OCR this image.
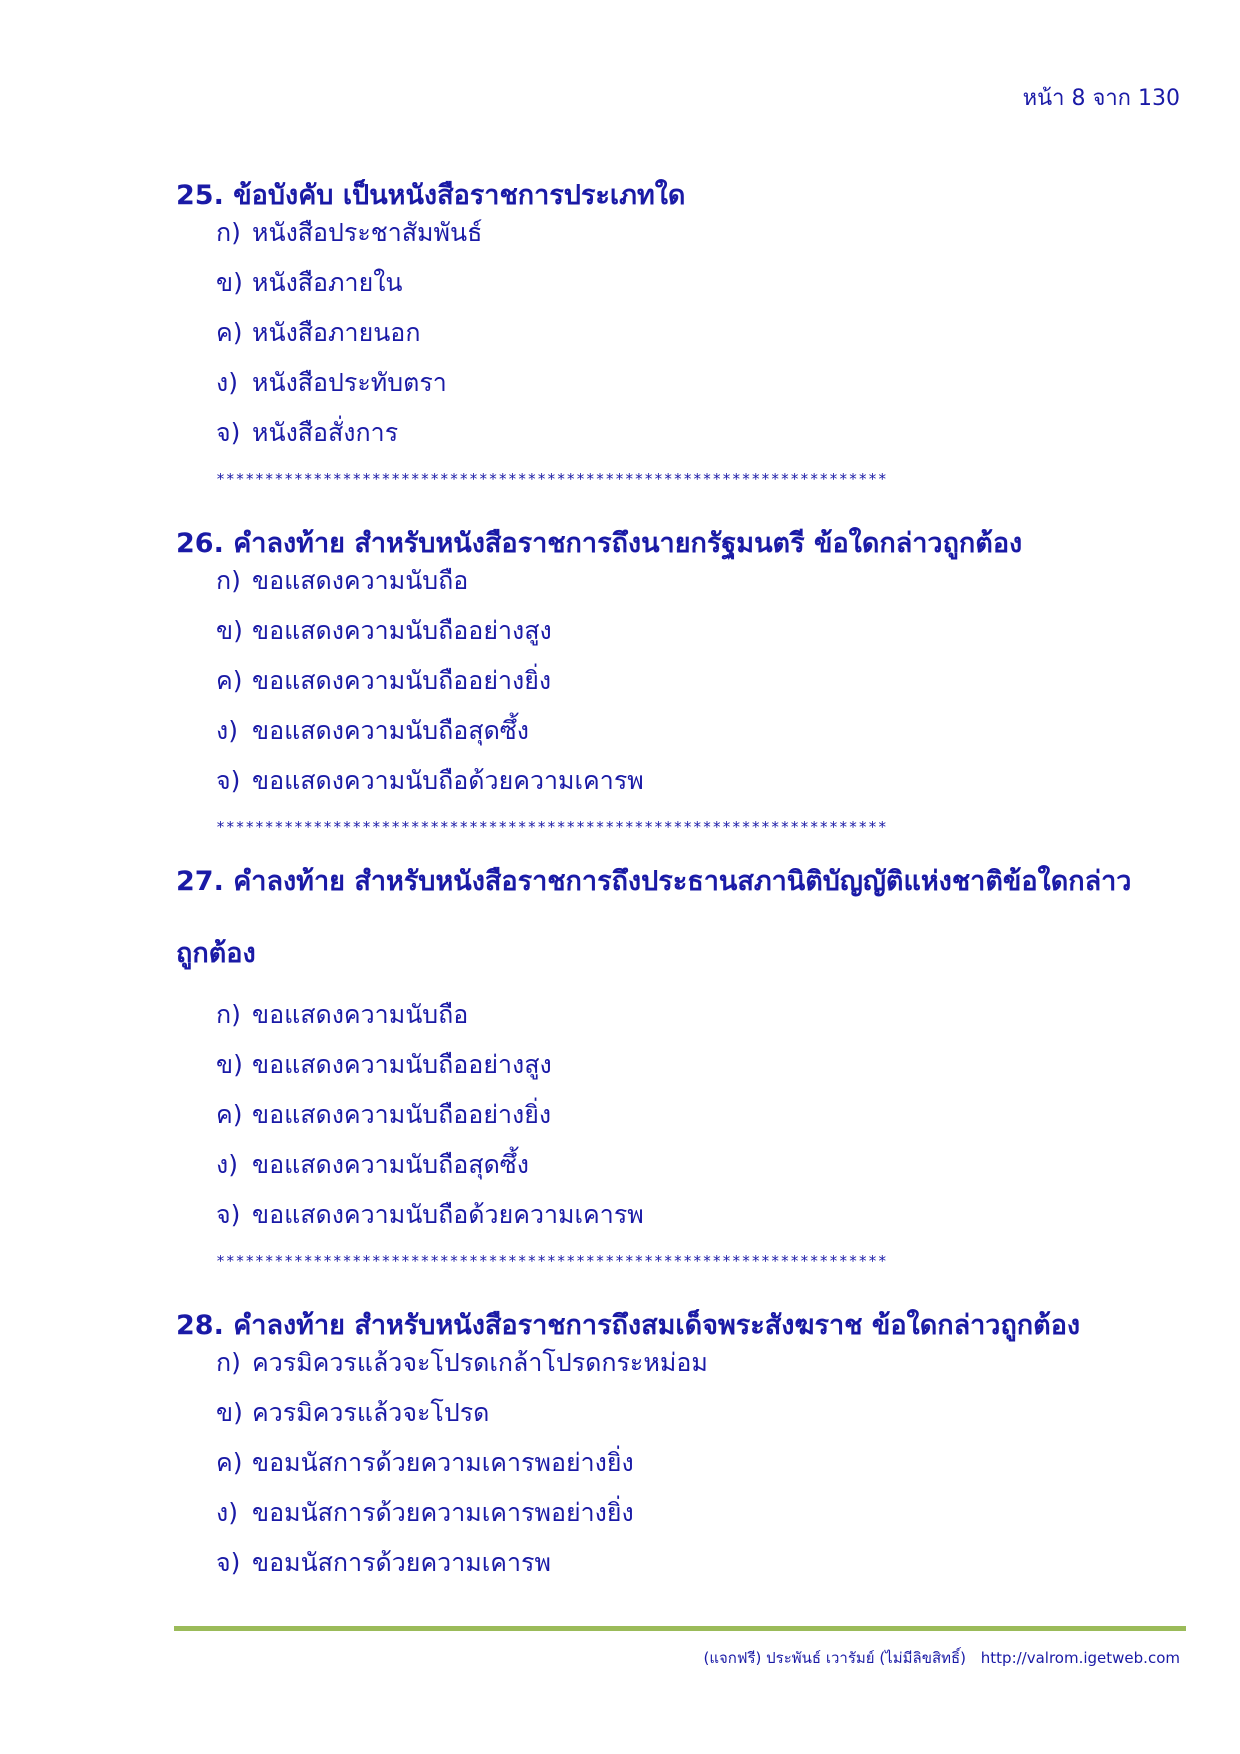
หน้า 8 จาก 130
25. ข้อบังคับ เป็นหนังสือราชการประเภทใด
ก) หนังสือประชาสัมพันธ์
ข) หนังสือภายใน
ค) หนังสือภายนอก
ง) หนังสือประทับตรา
จ) หนังสือสั่งการ
*********************************************************************
26. คำลงท้าย สำหรับหนังสือราชการถึงนายกรัฐมนตรี ข้อใดกล่าวถูกต้อง
ก) ขอแสดงความนับถือ
ข) ขอแสดงความนับถืออย่างสูง
ค) ขอแสดงความนับถืออย่างยิ่ง
ง) ขอแสดงความนับถือสุดซึ้ง
จ) ขอแสดงความนับถือด้วยความเคารพ
*********************************************************************
27. คำลงท้าย สำหรับหนังสือราชการถึงประธานสภานิติบัญญัติแห่งชาติข้อใดกล่าว
ถูกต้อง
ก) ขอแสดงความนับถือ
ข) ขอแสดงความนับถืออย่างสูง
ค) ขอแสดงความนับถืออย่างยิ่ง
ง) ขอแสดงความนับถือสุดซึ้ง
จ) ขอแสดงความนับถือด้วยความเคารพ
*********************************************************************
28. คำลงท้าย สำหรับหนังสือราชการถึงสมเด็จพระสังฆราช ข้อใดกล่าวถูกต้อง
ก) ควรมิควรแล้วจะโปรดเกล้าโปรดกระหม่อม
ข) ควรมิควรแล้วจะโปรด
ค) ขอมนัสการด้วยความเคารพอย่างยิ่ง
ง) ขอมนัสการด้วยความเคารพอย่างยิ่ง
จ) ขอมนัสการด้วยความเคารพ
(แจกฟรี) ประพันธ์ เวารัมย์ (ไม่มีลิขสิทธิ์) http://valrom.igetweb.com
